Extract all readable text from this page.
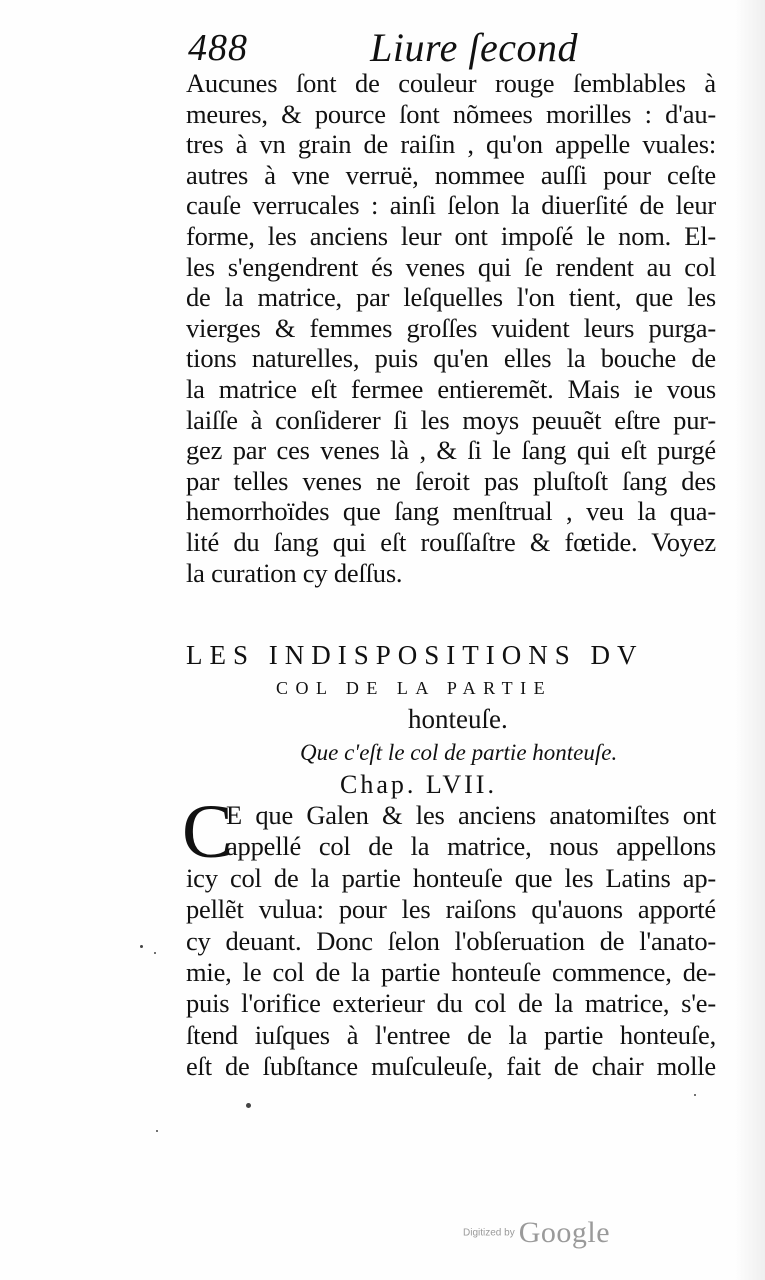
488	Liure ſecond
Aucunes ſont de couleur rouge ſemblables à
meures, & pource ſont nõmees morilles : d'au-
tres à vn grain de raiſin , qu'on appelle vuales:
autres à vne verruë, nommee auſſi pour ceſte
cauſe verrucales : ainſi ſelon la diuerſité de leur
forme, les anciens leur ont impoſé le nom. El-
les s'engendrent és venes qui ſe rendent au col
de la matrice, par leſquelles l'on tient, que les
vierges & femmes groſſes vuident leurs purga-
tions naturelles, puis qu'en elles la bouche de
la matrice eſt fermee entieremẽt. Mais ie vous
laiſſe à conſiderer ſi les moys peuuẽt eſtre pur-
gez par ces venes là , & ſi le ſang qui eſt purgé
par telles venes ne ſeroit pas pluſtoſt ſang des
hemorrhoïdes que ſang menſtrual , veu la qua-
lité du ſang qui eſt rouſſaſtre & fœtide. Voyez
la curation cy deſſus.
LES INDISPOSITIONS DV
COL DE LA PARTIE
honteuſe.
Que c'eſt le col de partie honteuſe.
Chap. LVII.
C
E que Galen & les anciens anatomiſtes ont
appellé col de la matrice, nous appellons
icy col de la partie honteuſe que les Latins ap-
pellẽt vulua: pour les raiſons qu'auons apporté
cy deuant. Donc ſelon l'obſeruation de l'anato-
mie, le col de la partie honteuſe commence, de-
puis l'orifice exterieur du col de la matrice, s'e-
ſtend iuſques à l'entree de la partie honteuſe,
eſt de ſubſtance muſculeuſe, fait de chair molle
Digitized by Google
